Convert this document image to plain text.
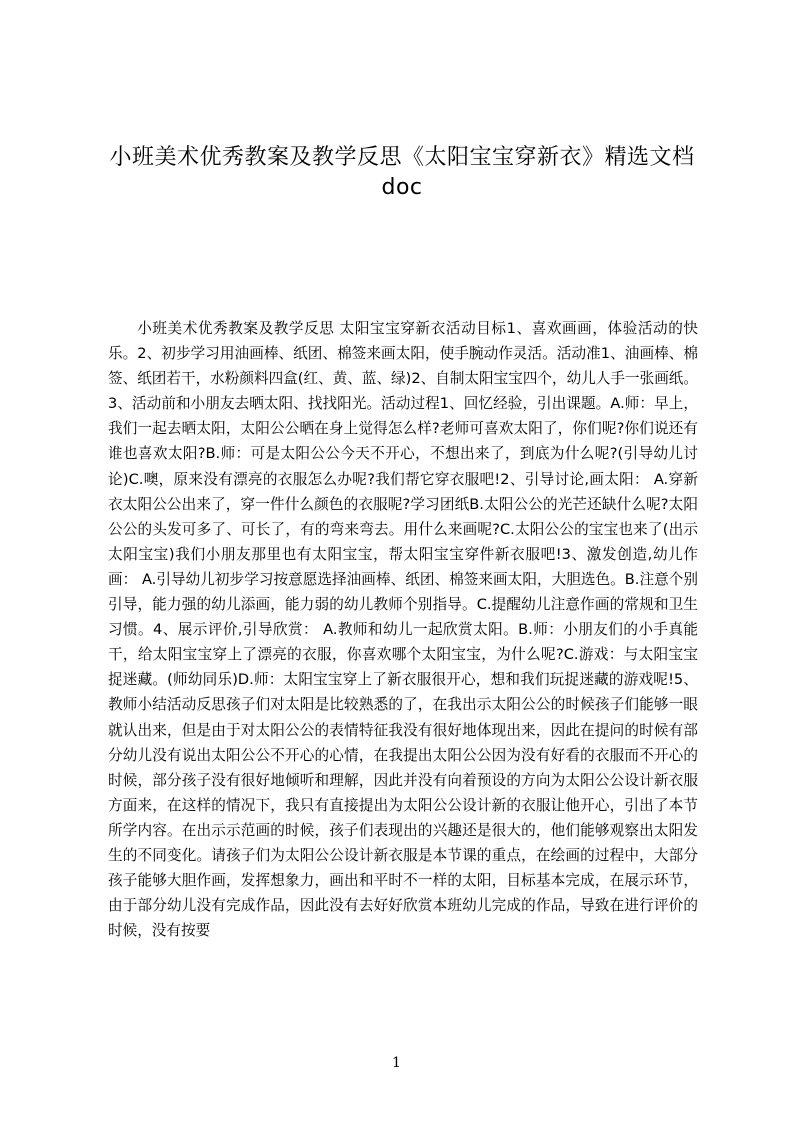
小班美术优秀教案及教学反思《太阳宝宝穿新衣》精选文档doc

小班美术优秀教案及教学反思 太阳宝宝穿新衣活动目标1、喜欢画画，体验活动的快乐。2、初步学习用油画棒、纸团、棉签来画太阳，使手腕动作灵活。活动准1、油画棒、棉签、纸团若干，水粉颜料四盒(红、黄、蓝、绿)2、自制太阳宝宝四个，幼儿人手一张画纸。3、活动前和小朋友去晒太阳、找找阳光。活动过程1、回忆经验，引出课题。A.师：早上，我们一起去晒太阳，太阳公公晒在身上觉得怎么样?老师可喜欢太阳了，你们呢?你们说还有谁也喜欢太阳?B.师：可是太阳公公今天不开心，不想出来了，到底为什么呢?(引导幼儿讨论)C.噢，原来没有漂亮的衣服怎么办呢?我们帮它穿衣服吧!2、引导讨论,画太阳： A.穿新衣太阳公公出来了，穿一件什么颜色的衣服呢?学习团纸B.太阳公公的光芒还缺什么呢?太阳公公的头发可多了、可长了，有的弯来弯去。用什么来画呢?C.太阳公公的宝宝也来了(出示太阳宝宝)我们小朋友那里也有太阳宝宝，帮太阳宝宝穿件新衣服吧!3、激发创造,幼儿作画： A.引导幼儿初步学习按意愿选择油画棒、纸团、棉签来画太阳，大胆选色。B.注意个别引导，能力强的幼儿添画，能力弱的幼儿教师个别指导。C.提醒幼儿注意作画的常规和卫生习惯。4、展示评价,引导欣赏： A.教师和幼儿一起欣赏太阳。B.师：小朋友们的小手真能干，给太阳宝宝穿上了漂亮的衣服，你喜欢哪个太阳宝宝，为什么呢?C.游戏：与太阳宝宝捉迷藏。(师幼同乐)D.师：太阳宝宝穿上了新衣服很开心，想和我们玩捉迷藏的游戏呢!5、教师小结活动反思孩子们对太阳是比较熟悉的了，在我出示太阳公公的时候孩子们能够一眼就认出来，但是由于对太阳公公的表情特征我没有很好地体现出来，因此在提问的时候有部分幼儿没有说出太阳公公不开心的心情，在我提出太阳公公因为没有好看的衣服而不开心的时候，部分孩子没有很好地倾听和理解，因此并没有向着预设的方向为太阳公公设计新衣服方面来，在这样的情况下，我只有直接提出为太阳公公设计新的衣服让他开心，引出了本节所学内容。在出示示范画的时候，孩子们表现出的兴趣还是很大的，他们能够观察出太阳发生的不同变化。请孩子们为太阳公公设计新衣服是本节课的重点，在绘画的过程中，大部分孩子能够大胆作画，发挥想象力，画出和平时不一样的太阳，目标基本完成，在展示环节，由于部分幼儿没有完成作品，因此没有去好好欣赏本班幼儿完成的作品，导致在进行评价的时候，没有按要

1
